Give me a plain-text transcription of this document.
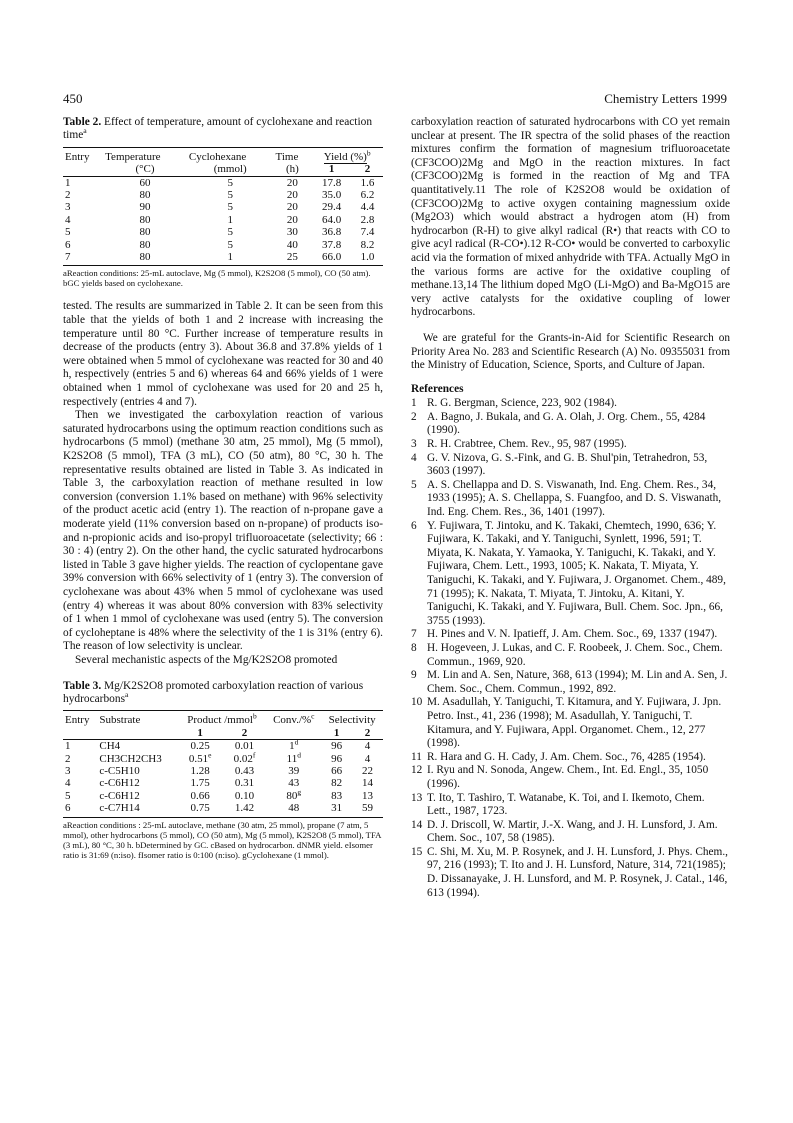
450	Chemistry Letters 1999
Table 2. Effect of temperature, amount of cyclohexane and reaction time$^a$
Entry	Temperature	Cyclohexane	Time	Yield (%)$^b$
	(°C)	(mmol)	(h)	1	2
1	60	5	20	17.8	1.6
2	80	5	20	35.0	6.2
3	90	5	20	29.4	4.4
4	80	1	20	64.0	2.8
5	80	5	30	36.8	7.4
6	80	5	40	37.8	8.2
7	80	1	25	66.0	1.0
aReaction conditions: 25-mL autoclave, Mg (5 mmol), K2S2O8 (5 mmol), CO (50 atm). bGC yields based on cyclohexane.

tested. The results are summarized in Table 2. It can be seen from this table that the yields of both 1 and 2 increase with increasing the temperature until 80 °C. Further increase of temperature results in decrease of the products (entry 3). About 36.8 and 37.8% yields of 1 were obtained when 5 mmol of cyclohexane was reacted for 30 and 40 h, respectively (entries 5 and 6) whereas 64 and 66% yields of 1 were obtained when 1 mmol of cyclohexane was used for 20 and 25 h, respectively (entries 4 and 7).

Then we investigated the carboxylation reaction of various saturated hydrocarbons using the optimum reaction conditions such as hydrocarbons (5 mmol) (methane 30 atm, 25 mmol), Mg (5 mmol), K2S2O8 (5 mmol), TFA (3 mL), CO (50 atm), 80 °C, 30 h. The representative results obtained are listed in Table 3. As indicated in Table 3, the carboxylation reaction of methane resulted in low conversion (conversion 1.1% based on methane) with 96% selectivity of the product acetic acid (entry 1). The reaction of n-propane gave a moderate yield (11% conversion based on n-propane) of products iso- and n-propionic acids and iso-propyl trifluoroacetate (selectivity; 66 : 30 : 4) (entry 2). On the other hand, the cyclic saturated hydrocarbons listed in Table 3 gave higher yields. The reaction of cyclopentane gave 39% conversion with 66% selectivity of 1 (entry 3). The conversion of cyclohexane was about 43% when 5 mmol of cyclohexane was used (entry 4) whereas it was about 80% conversion with 83% selectivity of 1 when 1 mmol of cyclohexane was used (entry 5). The conversion of cycloheptane is 48% where the selectivity of the 1 is 31% (entry 6). The reason of low selectivity is unclear.

Several mechanistic aspects of the Mg/K2S2O8 promoted

Table 3. Mg/K2S2O8 promoted carboxylation reaction of various hydrocarbons$^a$
Entry	Substrate	Product /mmol$^b$		Conv./%$^c$	Selectivity	
		1	2		1	2
1	CH4	0.25	0.01	1$^d$	96	4
2	CH3CH2CH3	0.51e	0.02$^f$	11$^d$	96	4
3	c-C5H10	1.28	0.43	39	66	22
4	c-C6H12	1.75	0.31	43	82	14
5	c-C6H12	0.66	0.10	80$^g$	83	13
6	c-C7H14	0.75	1.42	48	31	59
aReaction conditions : 25-mL autoclave, methane (30 atm, 25 mmol), propane (7 atm, 5 mmol), other hydrocarbons (5 mmol), CO (50 atm), Mg (5 mmol), K2S2O8 (5 mmol), TFA (3 mL), 80 °C, 30 h. bDetermined by GC. cBased on hydrocarbon. dNMR yield. eIsomer ratio is 31:69 (n:iso). fIsomer ratio is 0:100 (n:iso). gCyclohexane (1 mmol).

carboxylation reaction of saturated hydrocarbons with CO yet remain unclear at present. The IR spectra of the solid phases of the reaction mixtures confirm the formation of magnesium trifluoroacetate (CF3COO)2Mg and MgO in the reaction mixtures. In fact (CF3COO)2Mg is formed in the reaction of Mg and TFA quantitatively.11 The role of K2S2O8 would be oxidation of (CF3COO)2Mg to active oxygen containing magnessium oxide (Mg2O3) which would abstract a hydrogen atom (H) from hydrocarbon (R-H) to give alkyl radical (R•) that reacts with CO to give acyl radical (R-CO•).12 R-CO• would be converted to carboxylic acid via the formation of mixed anhydride with TFA. Actually MgO in the various forms are active for the oxidative coupling of methane.13,14 The lithium doped MgO (Li-MgO) and Ba-MgO15 are very active catalysts for the oxidative coupling of lower hydrocarbons.

We are grateful for the Grants-in-Aid for Scientific Research on Priority Area No. 283 and Scientific Research (A) No. 09355031 from the Ministry of Education, Science, Sports, and Culture of Japan.

References
1 R. G. Bergman, Science, 223, 902 (1984).
2 A. Bagno, J. Bukala, and G. A. Olah, J. Org. Chem., 55, 4284 (1990).
3 R. H. Crabtree, Chem. Rev., 95, 987 (1995).
4 G. V. Nizova, G. S.-Fink, and G. B. Shul'pin, Tetrahedron, 53, 3603 (1997).
5 A. S. Chellappa and D. S. Viswanath, Ind. Eng. Chem. Res., 34, 1933 (1995); A. S. Chellappa, S. Fuangfoo, and D. S. Viswanath, Ind. Eng. Chem. Res., 36, 1401 (1997).
6 Y. Fujiwara, T. Jintoku, and K. Takaki, Chemtech, 1990, 636; Y. Fujiwara, K. Takaki, and Y. Taniguchi, Synlett, 1996, 591; T. Miyata, K. Nakata, Y. Yamaoka, Y. Taniguchi, K. Takaki, and Y. Fujiwara, Chem. Lett., 1993, 1005; K. Nakata, T. Miyata, Y. Taniguchi, K. Takaki, and Y. Fujiwara, J. Organomet. Chem., 489, 71 (1995); K. Nakata, T. Miyata, T. Jintoku, A. Kitani, Y. Taniguchi, K. Takaki, and Y. Fujiwara, Bull. Chem. Soc. Jpn., 66, 3755 (1993).
7 H. Pines and V. N. Ipatieff, J. Am. Chem. Soc., 69, 1337 (1947).
8 H. Hogeveen, J. Lukas, and C. F. Roobeek, J. Chem. Soc., Chem. Commun., 1969, 920.
9 M. Lin and A. Sen, Nature, 368, 613 (1994); M. Lin and A. Sen, J. Chem. Soc., Chem. Commun., 1992, 892.
10 M. Asadullah, Y. Taniguchi, T. Kitamura, and Y. Fujiwara, J. Jpn. Petro. Inst., 41, 236 (1998); M. Asadullah, Y. Taniguchi, T. Kitamura, and Y. Fujiwara, Appl. Organomet. Chem., 12, 277 (1998).
11 R. Hara and G. H. Cady, J. Am. Chem. Soc., 76, 4285 (1954).
12 I. Ryu and N. Sonoda, Angew. Chem., Int. Ed. Engl., 35, 1050 (1996).
13 T. Ito, T. Tashiro, T. Watanabe, K. Toi, and I. Ikemoto, Chem. Lett., 1987, 1723.
14 D. J. Driscoll, W. Martir, J.-X. Wang, and J. H. Lunsford, J. Am. Chem. Soc., 107, 58 (1985).
15 C. Shi, M. Xu, M. P. Rosynek, and J. H. Lunsford, J. Phys. Chem., 97, 216 (1993); T. Ito and J. H. Lunsford, Nature, 314, 721(1985); D. Dissanayake, J. H. Lunsford, and M. P. Rosynek, J. Catal., 146, 613 (1994).
